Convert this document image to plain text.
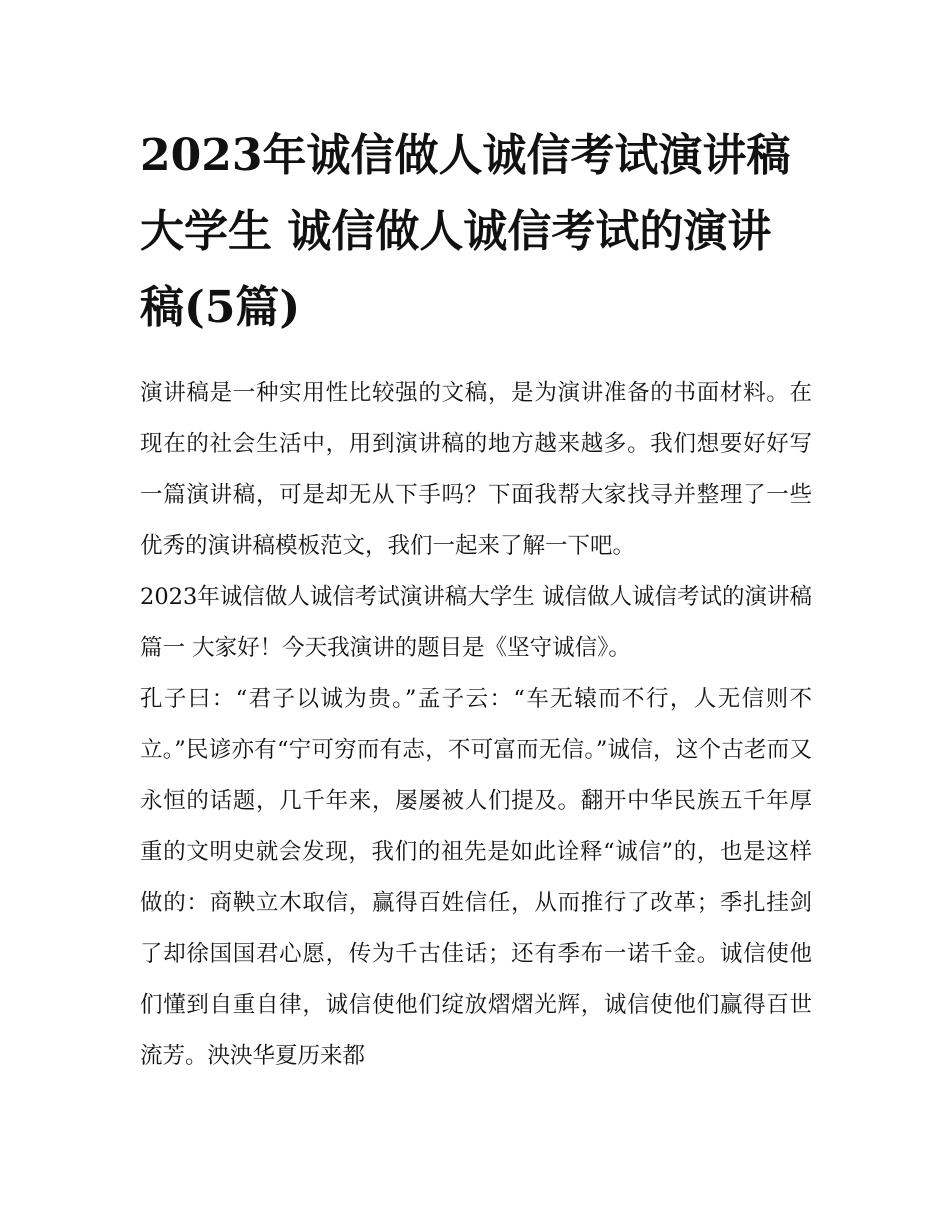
2023年诚信做人诚信考试演讲稿大学生 诚信做人诚信考试的演讲稿(5篇)

演讲稿是一种实用性比较强的文稿，是为演讲准备的书面材料。在现在的社会生活中，用到演讲稿的地方越来越多。我们想要好好写一篇演讲稿，可是却无从下手吗？下面我帮大家找寻并整理了一些优秀的演讲稿模板范文，我们一起来了解一下吧。

2023年诚信做人诚信考试演讲稿大学生 诚信做人诚信考试的演讲稿篇一 大家好！今天我演讲的题目是《坚守诚信》。

孔子曰：“君子以诚为贵。”孟子云：“车无辕而不行，人无信则不立。”民谚亦有“宁可穷而有志，不可富而无信。”诚信，这个古老而又永恒的话题，几千年来，屡屡被人们提及。翻开中华民族五千年厚重的文明史就会发现，我们的祖先是如此诠释“诚信”的，也是这样做的：商鞅立木取信，赢得百姓信任，从而推行了改革；季扎挂剑了却徐国国君心愿，传为千古佳话；还有季布一诺千金。诚信使他们懂到自重自律，诚信使他们绽放熠熠光辉，诚信使他们赢得百世流芳。泱泱华夏历来都
